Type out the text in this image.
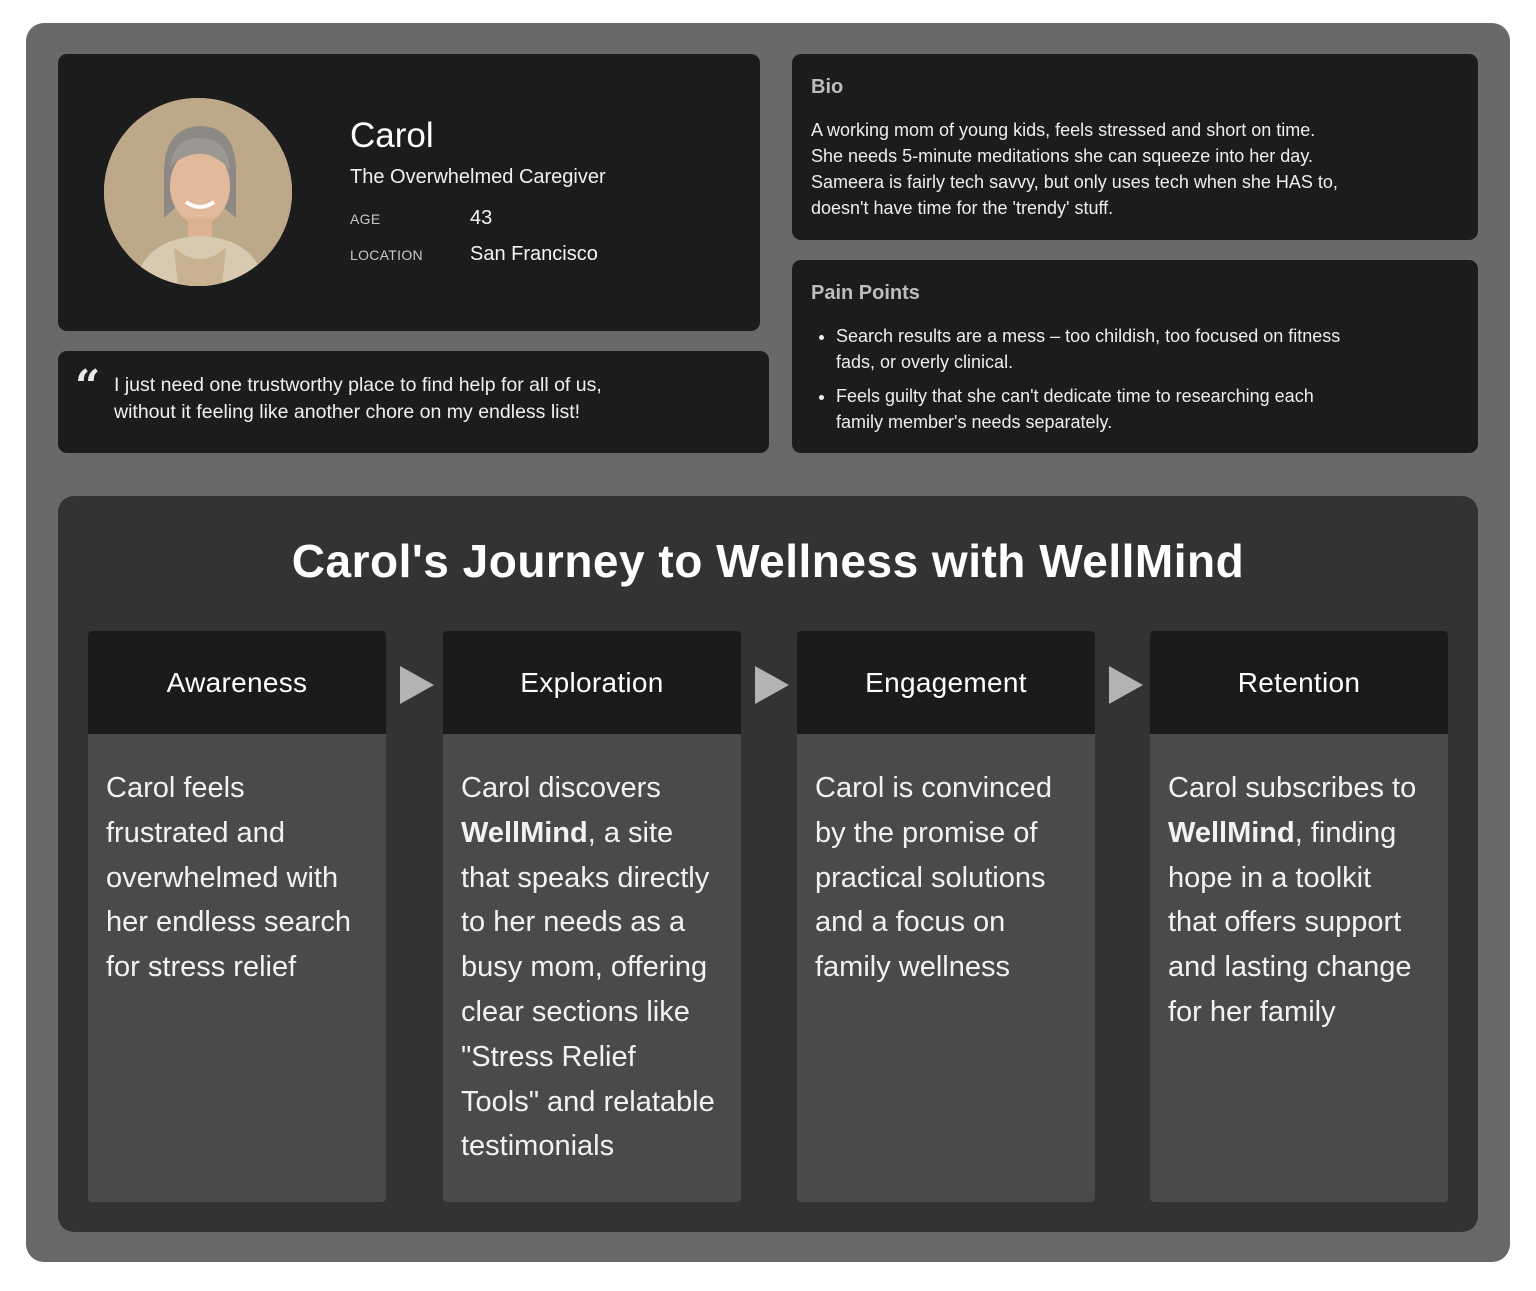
Carol
The Overwhelmed Caregiver
AGE	43
LOCATION San Francisco
“ I just need one trustworthy place to find help for all of us,
without it feeling like another chore on my endless list!
Bio
A working mom of young kids, feels stressed and short on time.
She needs 5-minute meditations she can squeeze into her day.
Sameera is fairly tech savvy, but only uses tech when she HAS to,
doesn't have time for the 'trendy' stuff.
Pain Points
• Search results are a mess – too childish, too focused on fitness
fads, or overly clinical.
• Feels guilty that she can't dedicate time to researching each
family member's needs separately.
Carol's Journey to Wellness with WellMind
Awareness
Carol feels
frustrated and
overwhelmed with
her endless search
for stress relief
Exploration
Carol discovers
WellMind, a site
that speaks directly
to her needs as a
busy mom, offering
clear sections like
"Stress Relief
Tools" and relatable
testimonials
Engagement
Carol is convinced
by the promise of
practical solutions
and a focus on
family wellness
Retention
Carol subscribes to
WellMind, finding
hope in a toolkit
that offers support
and lasting change
for her family
